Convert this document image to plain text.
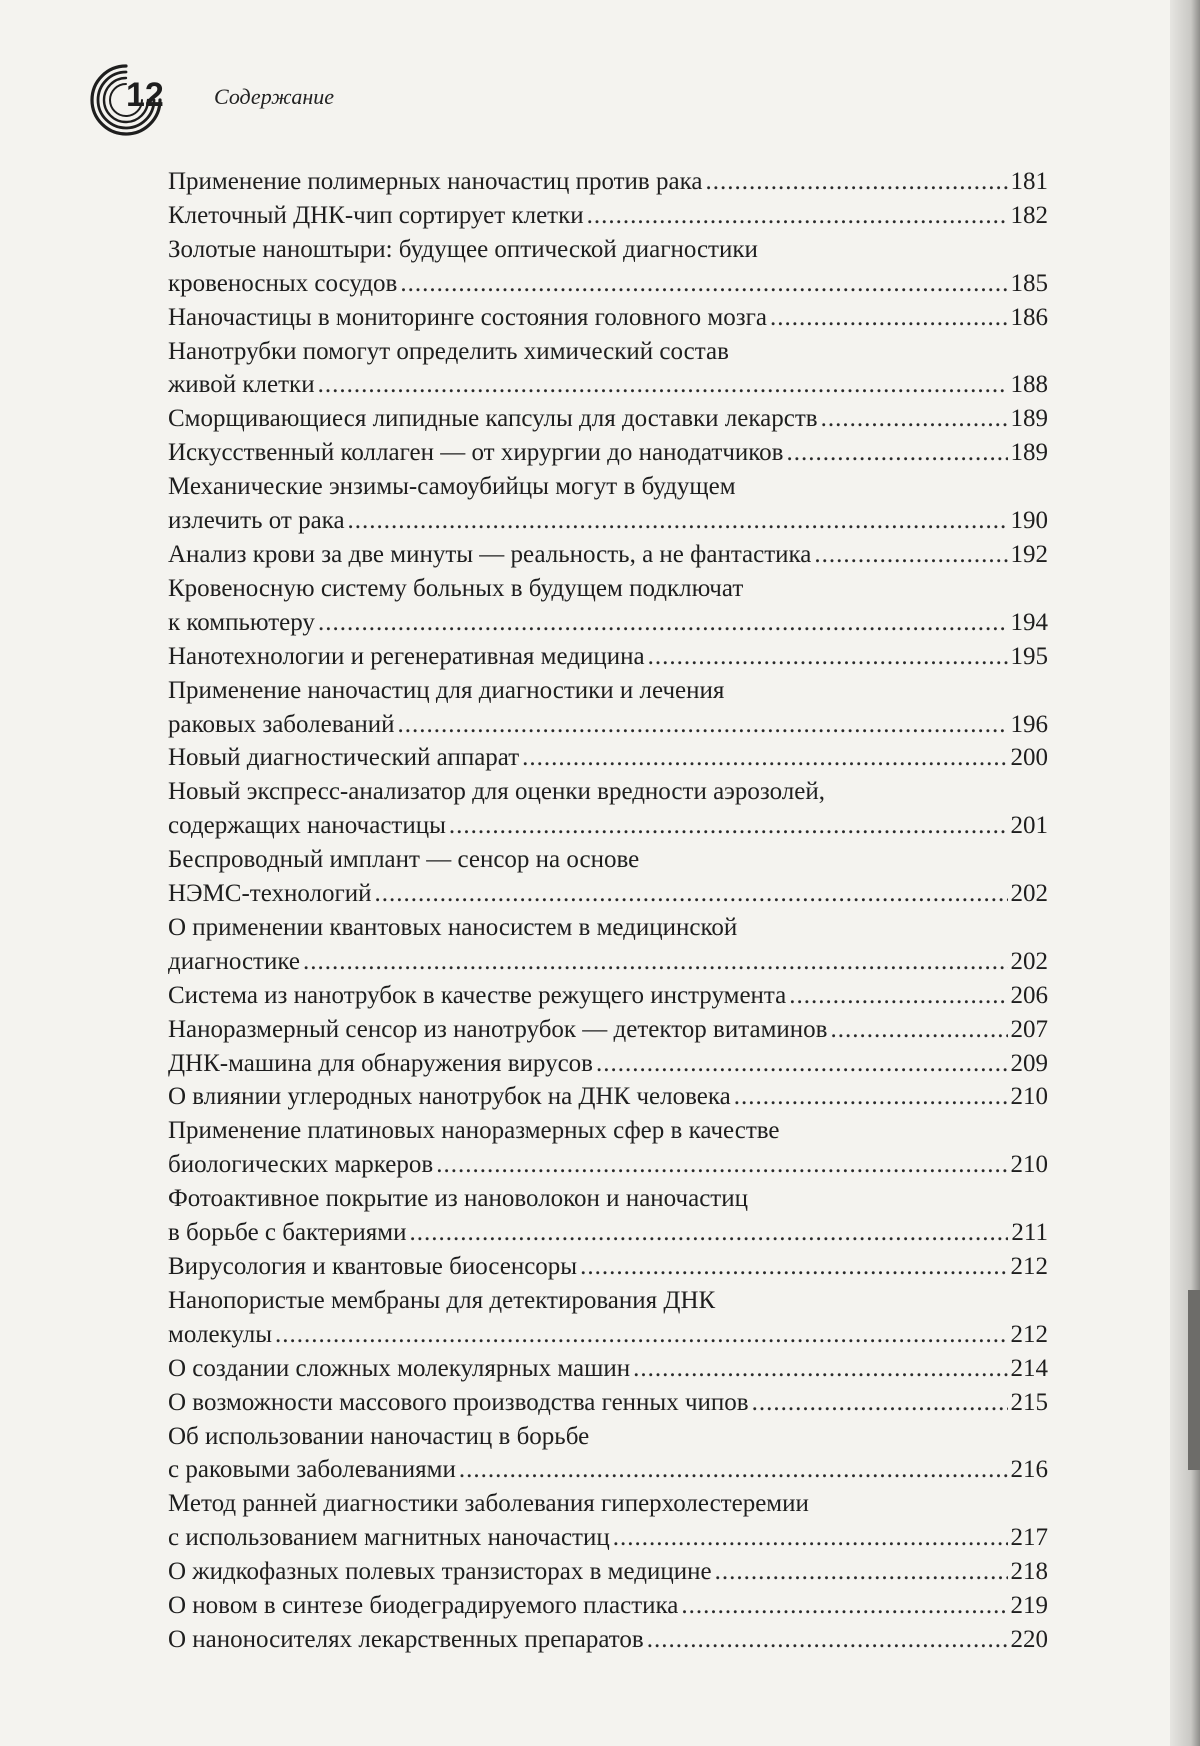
12 Содержание
Применение полимерных наночастиц против рака .....	181
Клеточный ДНК-чип сортирует клетки .....	182
Золотые наноштыри: будущее оптической диагностики
кровеносных сосудов .....	185
Наночастицы в мониторинге состояния головного мозга .....	186
Нанотрубки помогут определить химический состав
живой клетки .....	188
Сморщивающиеся липидные капсулы для доставки лекарств .....	189
Искусственный коллаген — от хирургии до нанодатчиков .....	189
Механические энзимы-самоубийцы могут в будущем
излечить от рака .....	190
Анализ крови за две минуты — реальность, а не фантастика .....	192
Кровеносную систему больных в будущем подключат
к компьютеру .....	194
Нанотехнологии и регенеративная медицина .....	195
Применение наночастиц для диагностики и лечения
раковых заболеваний .....	196
Новый диагностический аппарат .....	200
Новый экспресс-анализатор для оценки вредности аэрозолей,
содержащих наночастицы .....	201
Беспроводный имплант — сенсор на основе
НЭМС-технологий .....	202
О применении квантовых наносистем в медицинской
диагностике .....	202
Система из нанотрубок в качестве режущего инструмента .....	206
Наноразмерный сенсор из нанотрубок — детектор витаминов .....	207
ДНК-машина для обнаружения вирусов .....	209
О влиянии углеродных нанотрубок на ДНК человека .....	210
Применение платиновых наноразмерных сфер в качестве
биологических маркеров .....	210
Фотоактивное покрытие из нановолокон и наночастиц
в борьбе с бактериями .....	211
Вирусология и квантовые биосенсоры .....	212
Нанопористые мембраны для детектирования ДНК
молекулы .....	212
О создании сложных молекулярных машин .....	214
О возможности массового производства генных чипов .....	215
Об использовании наночастиц в борьбе
с раковыми заболеваниями .....	216
Метод ранней диагностики заболевания гиперхолестеремии
с использованием магнитных наночастиц .....	217
О жидкофазных полевых транзисторах в медицине .....	218
О новом в синтезе биодеградируемого пластика .....	219
О наноносителях лекарственных препаратов .....	220
